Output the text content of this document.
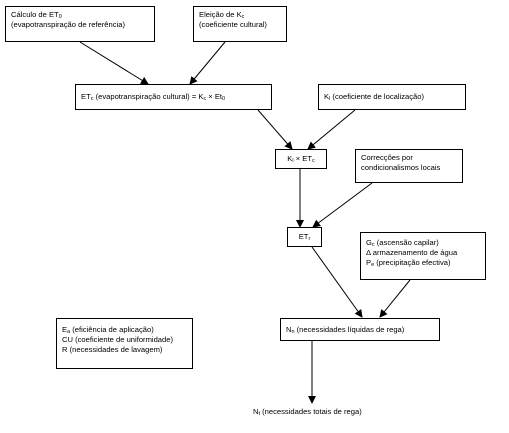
Cálculo de $ET_0$
(evapotranspiração de referência)
Eleição de $K_c$
(coeficiente cultural)
$ET_c$ (evapotranspiração cultural) = $K_c \times Et_0$	$K_l$ (coeficiente de localização)
$K_l \times ET_c$	Correcções por
condicionalismos locais
$ET_r$	$G_c$ (ascensão capilar)
Δ armazenamento de água
$P_e$ (precipitação efectiva)
$E_a$ (eficiência de aplicação)
CU (coeficiente de uniformidade)
R (necessidades de lavagem)
$N_n$ (necessidades líquidas de rega)
$N_t$ (necessidades totais de rega)
